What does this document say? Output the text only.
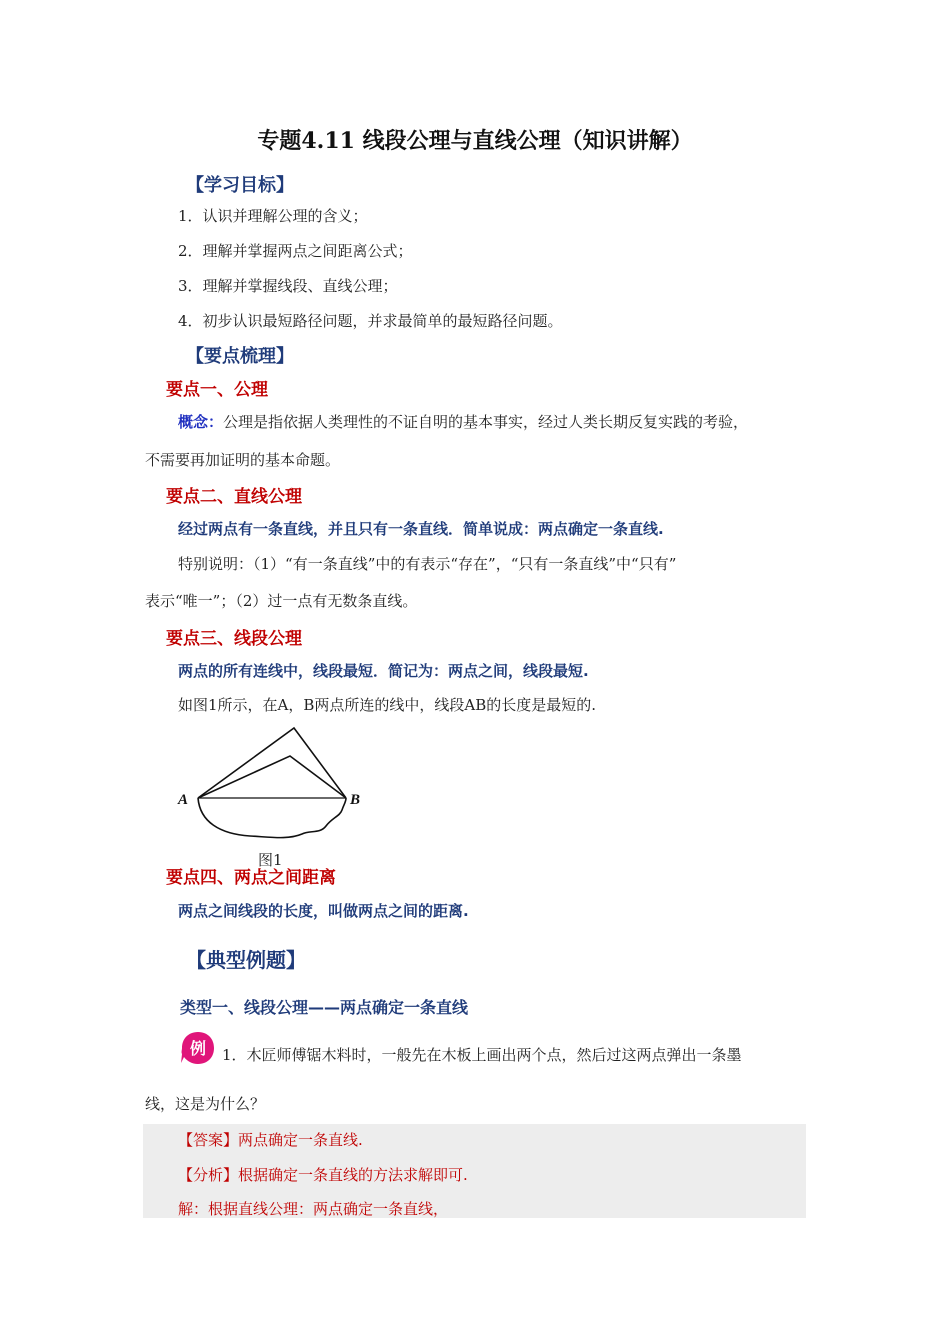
专题4.11 线段公理与直线公理（知识讲解）
【学习目标】
1．认识并理解公理的含义；
2．理解并掌握两点之间距离公式；
3．理解并掌握线段、直线公理；
4．初步认识最短路径问题，并求最简单的最短路径问题。
【要点梳理】
要点一、公理
概念：公理是指依据人类理性的不证自明的基本事实，经过人类长期反复实践的考验，
不需要再加证明的基本命题。
要点二、直线公理
经过两点有一条直线，并且只有一条直线．简单说成：两点确定一条直线.
特别说明：（1）“有一条直线”中的有表示“存在”，“只有一条直线”中“只有”
表示“唯一”；（2）过一点有无数条直线。
要点三、线段公理
两点的所有连线中，线段最短．简记为：两点之间，线段最短.
如图1所示，在A，B两点所连的线中，线段AB的长度是最短的.
A	B
图1
要点四、两点之间距离
两点之间线段的长度，叫做两点之间的距离.
【典型例题】
类型一、线段公理——两点确定一条直线
例 1．木匠师傅锯木料时，一般先在木板上画出两个点，然后过这两点弹出一条墨
线，这是为什么？
【答案】两点确定一条直线.
【分析】根据确定一条直线的方法求解即可.
解：根据直线公理：两点确定一条直线，
